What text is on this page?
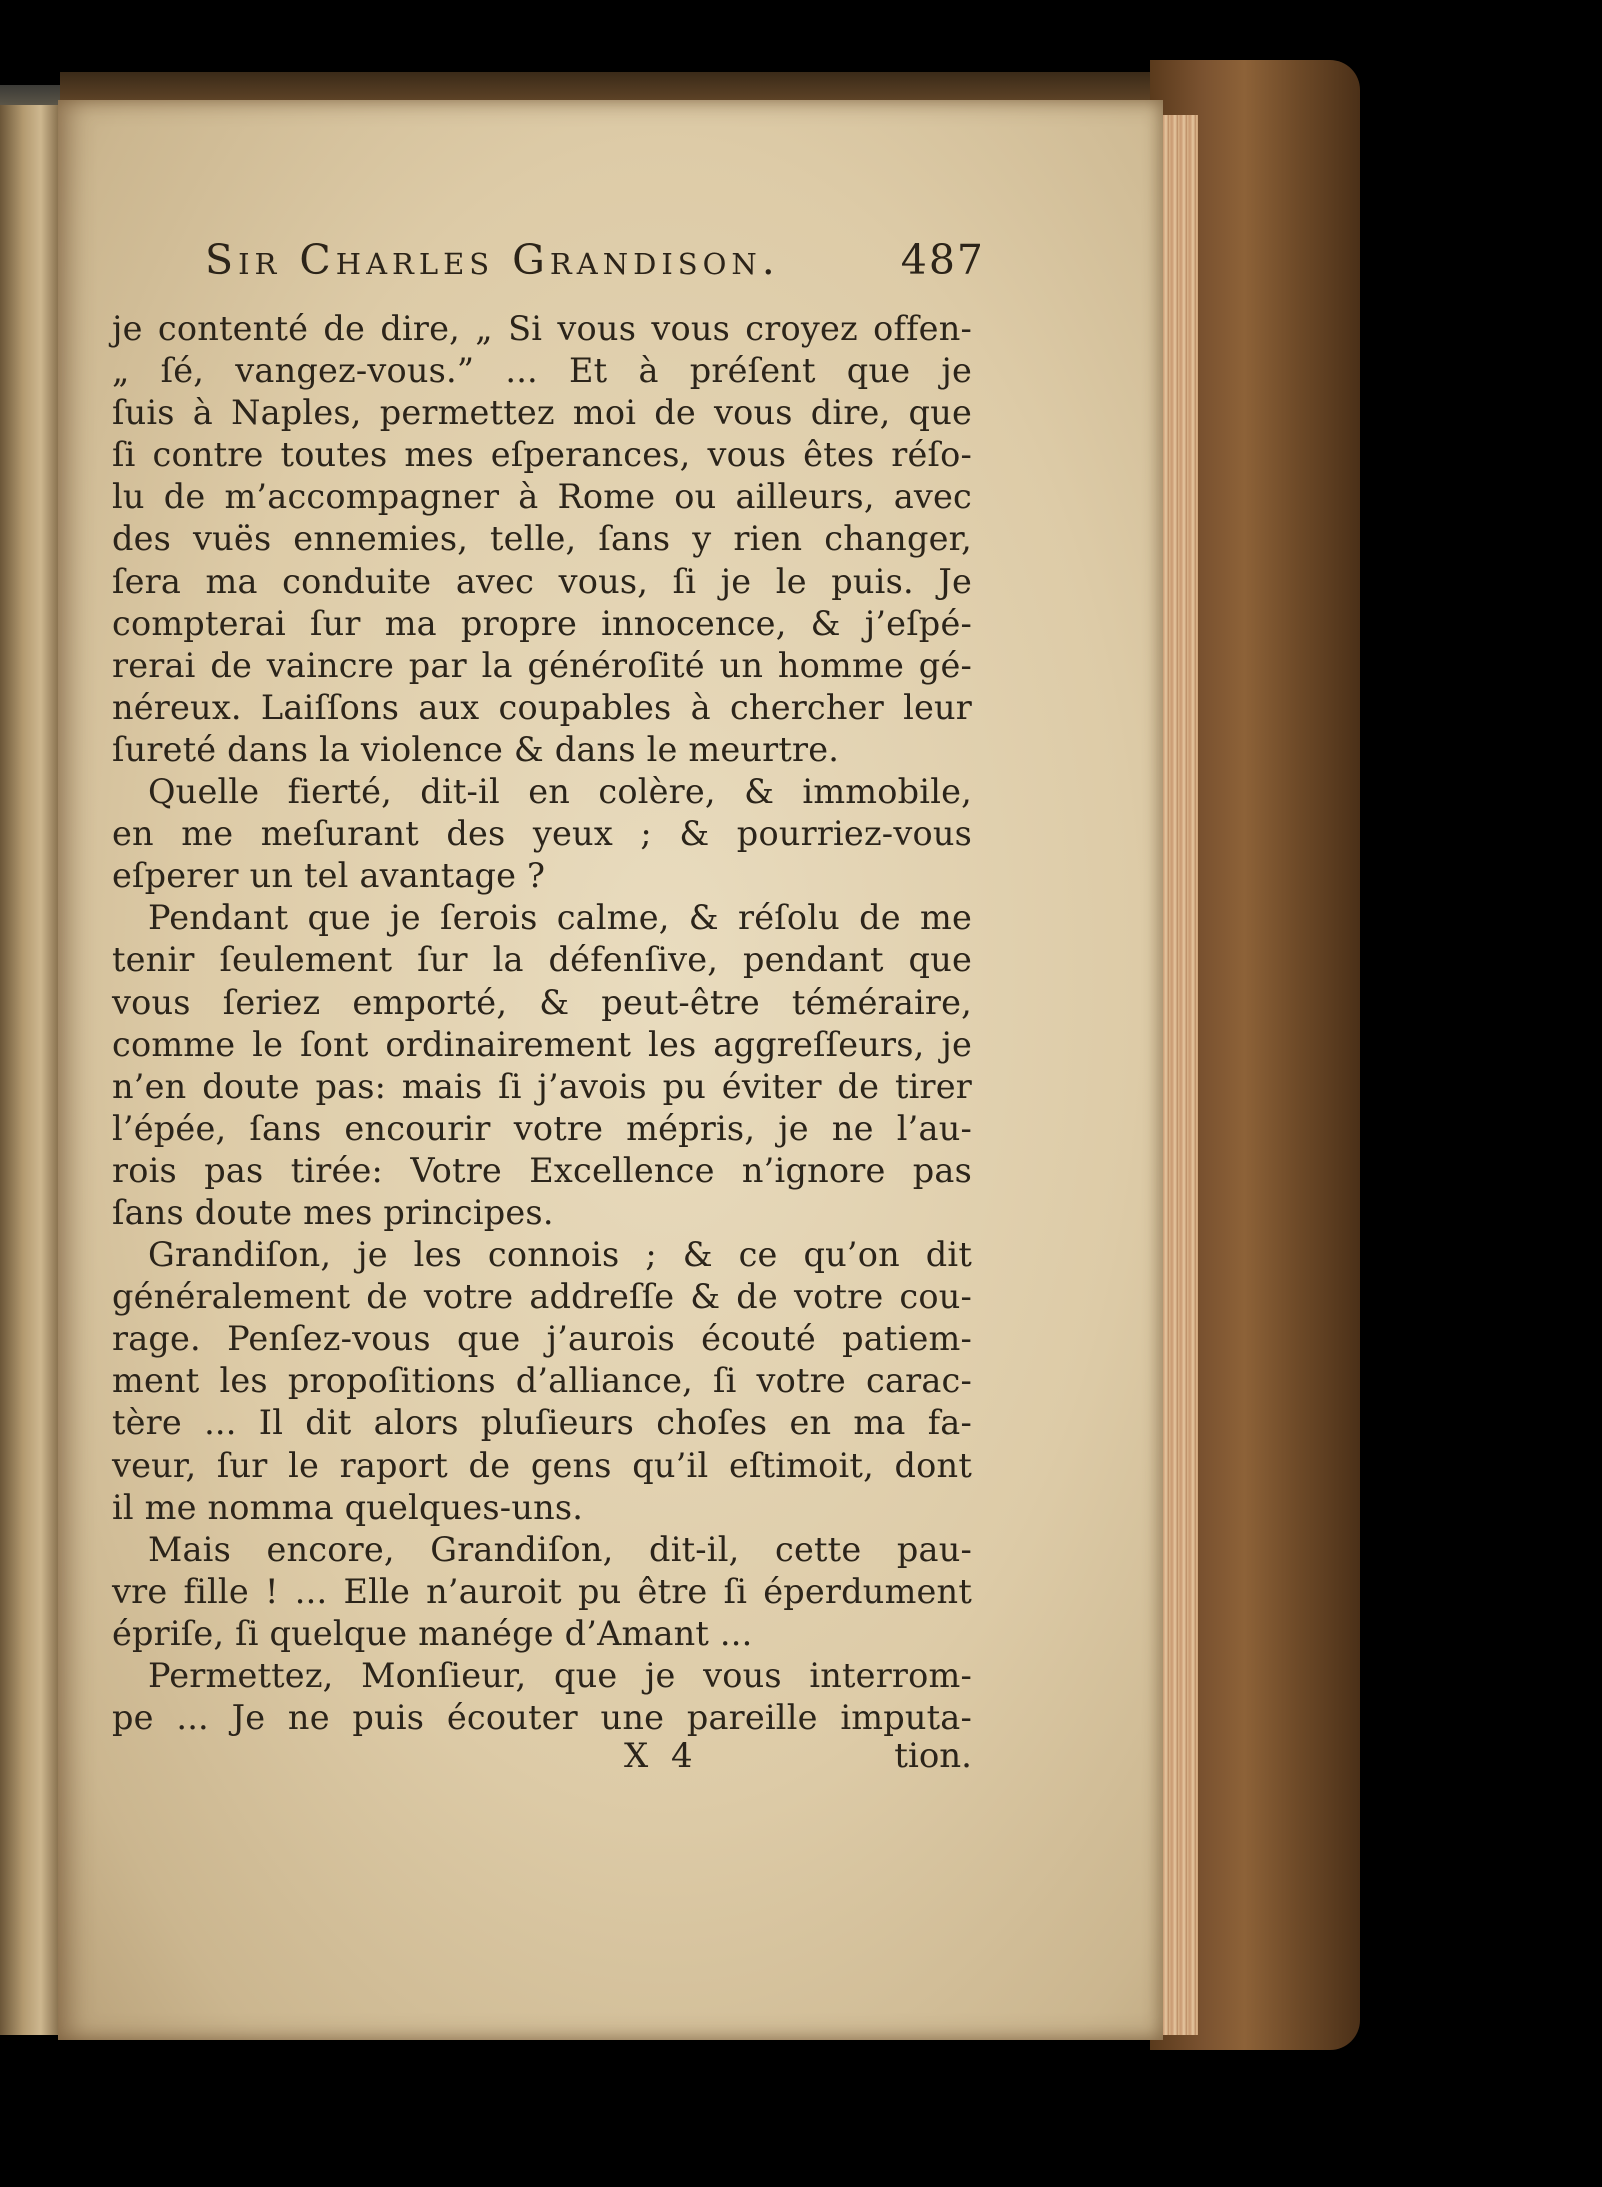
Sir Charles Grandison.	487
je contenté de dire, „ Si vous vous croyez offen-
„ ſé, vangez-vous.” ... Et à préſent que je
ſuis à Naples, permettez moi de vous dire, que
ſi contre toutes mes eſperances, vous êtes réſo-
lu de m’accompagner à Rome ou ailleurs, avec
des vuës ennemies, telle, ſans y rien changer,
ſera ma conduite avec vous, ſi je le puis. Je
compterai ſur ma propre innocence, & j’eſpé-
rerai de vaincre par la généroſité un homme gé-
néreux. Laiſſons aux coupables à chercher leur
ſureté dans la violence & dans le meurtre.
Quelle fierté, dit-il en colère, & immobile,
en me meſurant des yeux ; & pourriez-vous
eſperer un tel avantage ?
Pendant que je ſerois calme, & réſolu de me
tenir ſeulement ſur la défenſive, pendant que
vous ſeriez emporté, & peut-être téméraire,
comme le ſont ordinairement les aggreſſeurs, je
n’en doute pas: mais ſi j’avois pu éviter de tirer
l’épée, ſans encourir votre mépris, je ne l’au-
rois pas tirée: Votre Excellence n’ignore pas
ſans doute mes principes.
Grandiſon, je les connois ; & ce qu’on dit
généralement de votre addreſſe & de votre cou-
rage. Penſez-vous que j’aurois écouté patiem-
ment les propoſitions d’alliance, ſi votre carac-
tère ... Il dit alors pluſieurs choſes en ma fa-
veur, ſur le raport de gens qu’il eſtimoit, dont
il me nomma quelques-uns.
Mais encore, Grandiſon, dit-il, cette pau-
vre fille ! ... Elle n’auroit pu être ſi éperdument
épriſe, ſi quelque manége d’Amant ...
Permettez, Monſieur, que je vous interrom-
pe ... Je ne puis écouter une pareille imputa-
X 4	tion.
